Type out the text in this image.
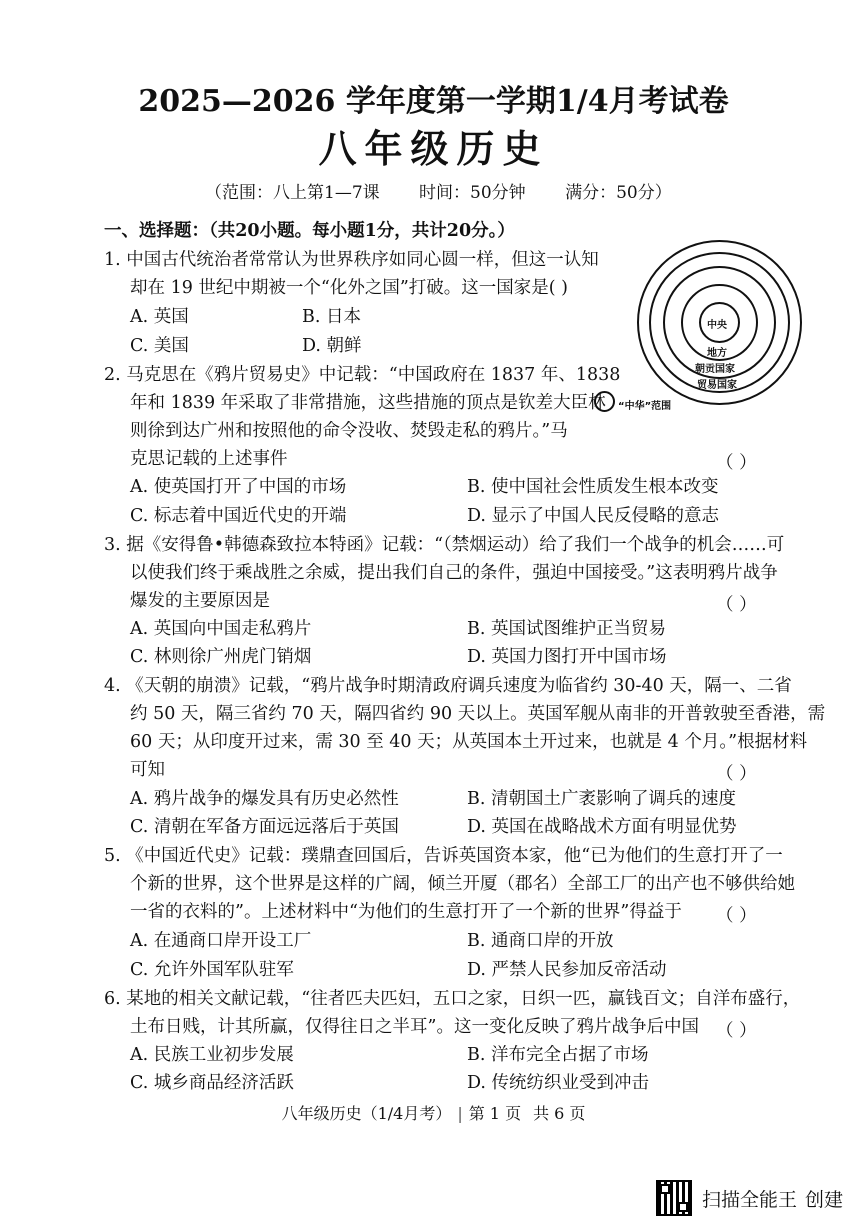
2025—2026 学年度第一学期1/4月考试卷
八年级历史
（范围：八上第1—7课 时间：50分钟 满分：50分）
一、选择题：（共20小题。每小题1分，共计20分。）
中央
地方
朝贡国家
贸易国家
“中华”范围
1. 中国古代统治者常常认为世界秩序如同心圆一样，但这一认知
却在 19 世纪中期被一个“化外之国”打破。这一国家是( )
A. 英国	B. 日本
C. 美国	D. 朝鲜
2. 马克思在《鸦片贸易史》中记载：“中国政府在 1837 年、1838
年和 1839 年采取了非常措施，这些措施的顶点是钦差大臣林
则徐到达广州和按照他的命令没收、焚毁走私的鸦片。”马
克思记载的上述事件	（ ）
A. 使英国打开了中国的市场	B. 使中国社会性质发生根本改变
C. 标志着中国近代史的开端	D. 显示了中国人民反侵略的意志
3. 据《安得鲁•韩德森致拉本特函》记载：“（禁烟运动）给了我们一个战争的机会……可
以使我们终于乘战胜之余威，提出我们自己的条件，强迫中国接受。”这表明鸦片战争
爆发的主要原因是	（ ）
A. 英国向中国走私鸦片	B. 英国试图维护正当贸易
C. 林则徐广州虎门销烟	D. 英国力图打开中国市场
4. 《天朝的崩溃》记载，“鸦片战争时期清政府调兵速度为临省约 30-40 天，隔一、二省
约 50 天，隔三省约 70 天，隔四省约 90 天以上。英国军舰从南非的开普敦驶至香港，需
60 天；从印度开过来，需 30 至 40 天；从英国本土开过来，也就是 4 个月。”根据材料
可知	（ ）
A. 鸦片战争的爆发具有历史必然性	B. 清朝国土广袤影响了调兵的速度
C. 清朝在军备方面远远落后于英国	D. 英国在战略战术方面有明显优势
5. 《中国近代史》记载：璞鼎查回国后，告诉英国资本家，他“已为他们的生意打开了一
个新的世界，这个世界是这样的广阔，倾兰开厦（郡名）全部工厂的出产也不够供给她
一省的衣料的”。上述材料中“为他们的生意打开了一个新的世界”得益于 （ ）
A. 在通商口岸开设工厂	B. 通商口岸的开放
C. 允许外国军队驻军	D. 严禁人民参加反帝活动
6. 某地的相关文献记载，“往者匹夫匹妇，五口之家，日织一匹，赢钱百文；自洋布盛行，
土布日贱，计其所赢，仅得往日之半耳”。这一变化反映了鸦片战争后中国 （ ）
A. 民族工业初步发展	B. 洋布完全占据了市场
C. 城乡商品经济活跃	D. 传统纺织业受到冲击
八年级历史（1/4月考） | 第 1 页 共 6 页
扫描全能王 创建
